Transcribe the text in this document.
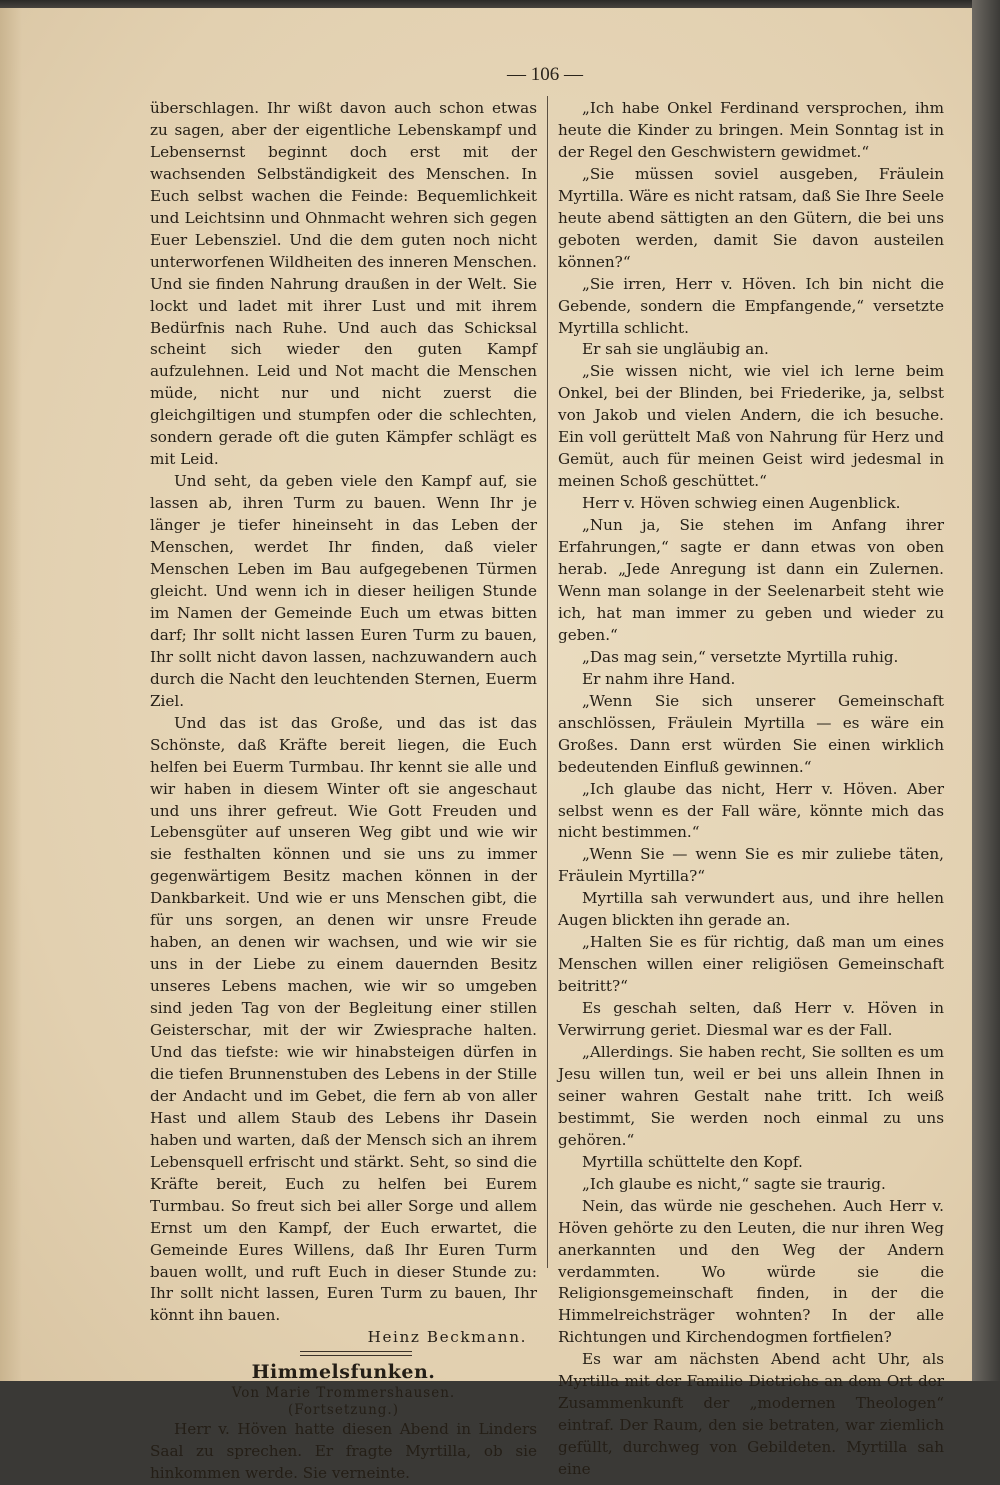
— 106 —

überschlagen. Ihr wißt davon auch schon etwas zu sagen, aber der eigentliche Lebenskampf und Lebensernst beginnt doch erst mit der wachsenden Selbständigkeit des Menschen. In Euch selbst wachen die Feinde: Bequemlichkeit und Leichtsinn und Ohnmacht wehren sich gegen Euer Lebensziel. Und die dem guten noch nicht unterworfenen Wildheiten des inneren Menschen. Und sie finden Nahrung draußen in der Welt. Sie lockt und ladet mit ihrer Lust und mit ihrem Bedürfnis nach Ruhe. Und auch das Schicksal scheint sich wieder den guten Kampf aufzulehnen. Leid und Not macht die Menschen müde, nicht nur und nicht zuerst die gleichgiltigen und stumpfen oder die schlechten, sondern gerade oft die guten Kämpfer schlägt es mit Leid.

Und seht, da geben viele den Kampf auf, sie lassen ab, ihren Turm zu bauen. Wenn Ihr je länger je tiefer hineinseht in das Leben der Menschen, werdet Ihr finden, daß vieler Menschen Leben im Bau aufgegebenen Türmen gleicht. Und wenn ich in dieser heiligen Stunde im Namen der Gemeinde Euch um etwas bitten darf; Ihr sollt nicht lassen Euren Turm zu bauen, Ihr sollt nicht davon lassen, nachzuwandern auch durch die Nacht den leuchtenden Sternen, Euerm Ziel.

Und das ist das Große, und das ist das Schönste, daß Kräfte bereit liegen, die Euch helfen bei Euerm Turmbau. Ihr kennt sie alle und wir haben in diesem Winter oft sie angeschaut und uns ihrer gefreut. Wie Gott Freuden und Lebensgüter auf unseren Weg gibt und wie wir sie festhalten können und sie uns zu immer gegenwärtigem Besitz machen können in der Dankbarkeit. Und wie er uns Menschen gibt, die für uns sorgen, an denen wir unsre Freude haben, an denen wir wachsen, und wie wir sie uns in der Liebe zu einem dauernden Besitz unseres Lebens machen, wie wir so umgeben sind jeden Tag von der Begleitung einer stillen Geisterschar, mit der wir Zwiesprache halten. Und das tiefste: wie wir hinabsteigen dürfen in die tiefen Brunnenstuben des Lebens in der Stille der Andacht und im Gebet, die fern ab von aller Hast und allem Staub des Lebens ihr Dasein haben und warten, daß der Mensch sich an ihrem Lebensquell erfrischt und stärkt. Seht, so sind die Kräfte bereit, Euch zu helfen bei Eurem Turmbau. So freut sich bei aller Sorge und allem Ernst um den Kampf, der Euch erwartet, die Gemeinde Eures Willens, daß Ihr Euren Turm bauen wollt, und ruft Euch in dieser Stunde zu: Ihr sollt nicht lassen, Euren Turm zu bauen, Ihr könnt ihn bauen.

Heinz Beckmann.

Himmelsfunken.

Von Marie Trommershausen.

(Fortsetzung.)

Herr v. Höven hatte diesen Abend in Linders Saal zu sprechen. Er fragte Myrtilla, ob sie hinkommen werde. Sie verneinte.

„Ich habe Onkel Ferdinand versprochen, ihm heute die Kinder zu bringen. Mein Sonntag ist in der Regel den Geschwistern gewidmet.“

„Sie müssen soviel ausgeben, Fräulein Myrtilla. Wäre es nicht ratsam, daß Sie Ihre Seele heute abend sättigten an den Gütern, die bei uns geboten werden, damit Sie davon austeilen können?“

„Sie irren, Herr v. Höven. Ich bin nicht die Gebende, sondern die Empfangende,“ versetzte Myrtilla schlicht.

Er sah sie ungläubig an.

„Sie wissen nicht, wie viel ich lerne beim Onkel, bei der Blinden, bei Friederike, ja, selbst von Jakob und vielen Andern, die ich besuche. Ein voll gerüttelt Maß von Nahrung für Herz und Gemüt, auch für meinen Geist wird jedesmal in meinen Schoß geschüttet.“

Herr v. Höven schwieg einen Augenblick.

„Nun ja, Sie stehen im Anfang ihrer Erfahrungen,“ sagte er dann etwas von oben herab. „Jede Anregung ist dann ein Zulernen. Wenn man solange in der Seelenarbeit steht wie ich, hat man immer zu geben und wieder zu geben.“

„Das mag sein,“ versetzte Myrtilla ruhig.

Er nahm ihre Hand.

„Wenn Sie sich unserer Gemeinschaft anschlössen, Fräulein Myrtilla — es wäre ein Großes. Dann erst würden Sie einen wirklich bedeutenden Einfluß gewinnen.“

„Ich glaube das nicht, Herr v. Höven. Aber selbst wenn es der Fall wäre, könnte mich das nicht bestimmen.“

„Wenn Sie — wenn Sie es mir zuliebe täten, Fräulein Myrtilla?“

Myrtilla sah verwundert aus, und ihre hellen Augen blickten ihn gerade an.

„Halten Sie es für richtig, daß man um eines Menschen willen einer religiösen Gemeinschaft beitritt?“

Es geschah selten, daß Herr v. Höven in Verwirrung geriet. Diesmal war es der Fall.

„Allerdings. Sie haben recht, Sie sollten es um Jesu willen tun, weil er bei uns allein Ihnen in seiner wahren Gestalt nahe tritt. Ich weiß bestimmt, Sie werden noch einmal zu uns gehören.“

Myrtilla schüttelte den Kopf.

„Ich glaube es nicht,“ sagte sie traurig.

Nein, das würde nie geschehen. Auch Herr v. Höven gehörte zu den Leuten, die nur ihren Weg anerkannten und den Weg der Andern verdammten. Wo würde sie die Religionsgemeinschaft finden, in der die Himmelreichsträger wohnten? In der alle Richtungen und Kirchendogmen fortfielen?

Es war am nächsten Abend acht Uhr, als Myrtilla mit der Familie Dietrichs an dem Ort der Zusammenkunft der „modernen Theologen“ eintraf. Der Raum, den sie betraten, war ziemlich gefüllt, durchweg von Gebildeten. Myrtilla sah eine
